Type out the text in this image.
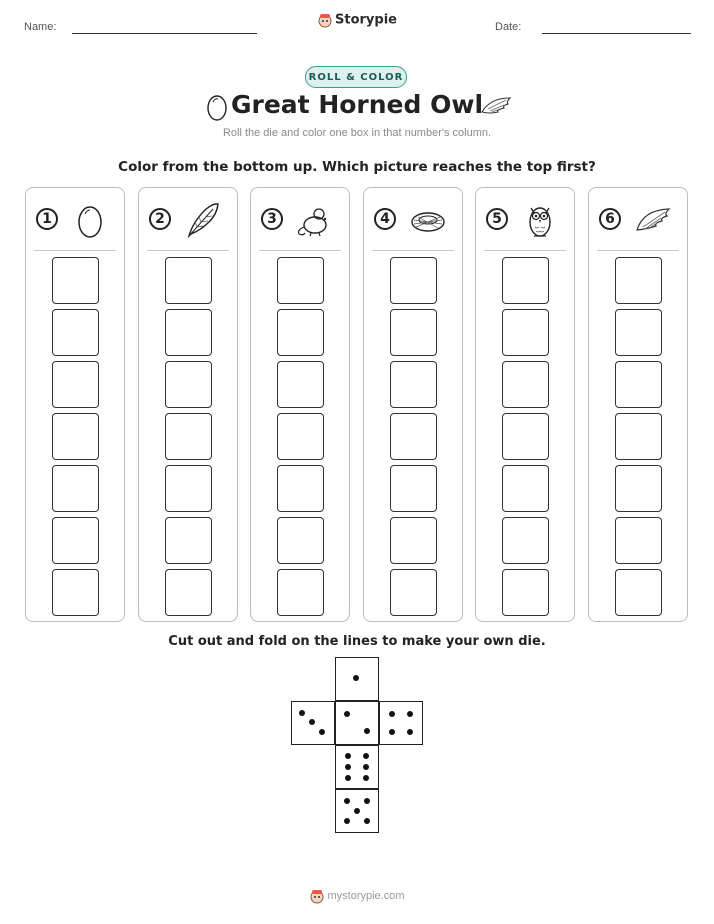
Name:	Storypie	Date:
ROLL & COLOR
Great Horned Owl
Roll the die and color one box in that number's column.
Color from the bottom up. Which picture reaches the top first?
1	2	3	4	5	6
Cut out and fold on the lines to make your own die.
mystorypie.com
